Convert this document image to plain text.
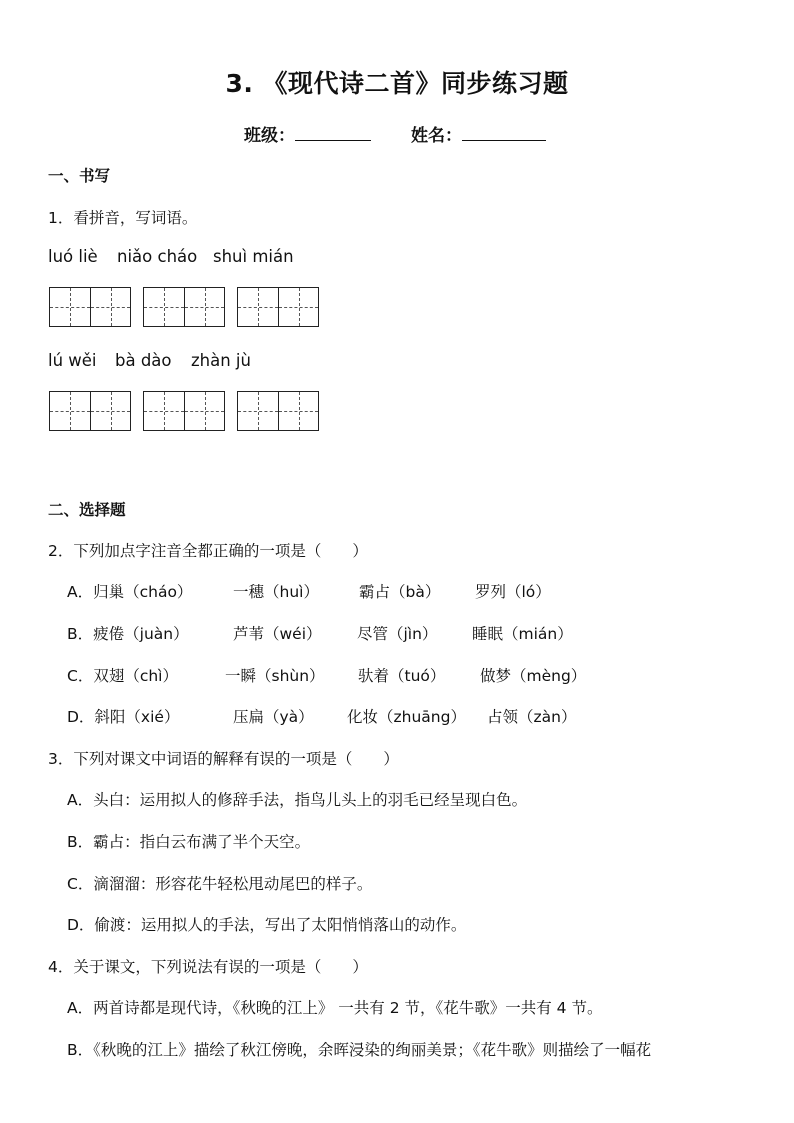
3. 《现代诗二首》同步练习题
班级：	姓名：
一、书写
1．看拼音，写词语。
luó liè niǎo cháo shuì mián
lú wěi bà dào zhàn jù
二、选择题
2．下列加点字注音全都正确的一项是（　　）
A．归巢（cháo）	一穗（huì）	霸占（bà） 罗列（ló）
B．疲倦（juàn）	芦苇（wéi） 尽管（jìn） 睡眠（mián）
C．双翅（chì）	一瞬（shùn） 驮着（tuó） 做梦（mèng）
D．斜阳（xié）	压扁（yà） 化妆（zhuāng） 占领（zàn）
3．下列对课文中词语的解释有误的一项是（　　）
A．头白：运用拟人的修辞手法，指鸟儿头上的羽毛已经呈现白色。
B．霸占：指白云布满了半个天空。
C．滴溜溜：形容花牛轻松甩动尾巴的样子。
D．偷渡：运用拟人的手法，写出了太阳悄悄落山的动作。
4．关于课文，下列说法有误的一项是（　　）
A．两首诗都是现代诗，《秋晚的江上》 一共有 2 节，《花牛歌》一共有 4 节。
B．《秋晚的江上》描绘了秋江傍晚，余晖浸染的绚丽美景；《花牛歌》则描绘了一幅花
